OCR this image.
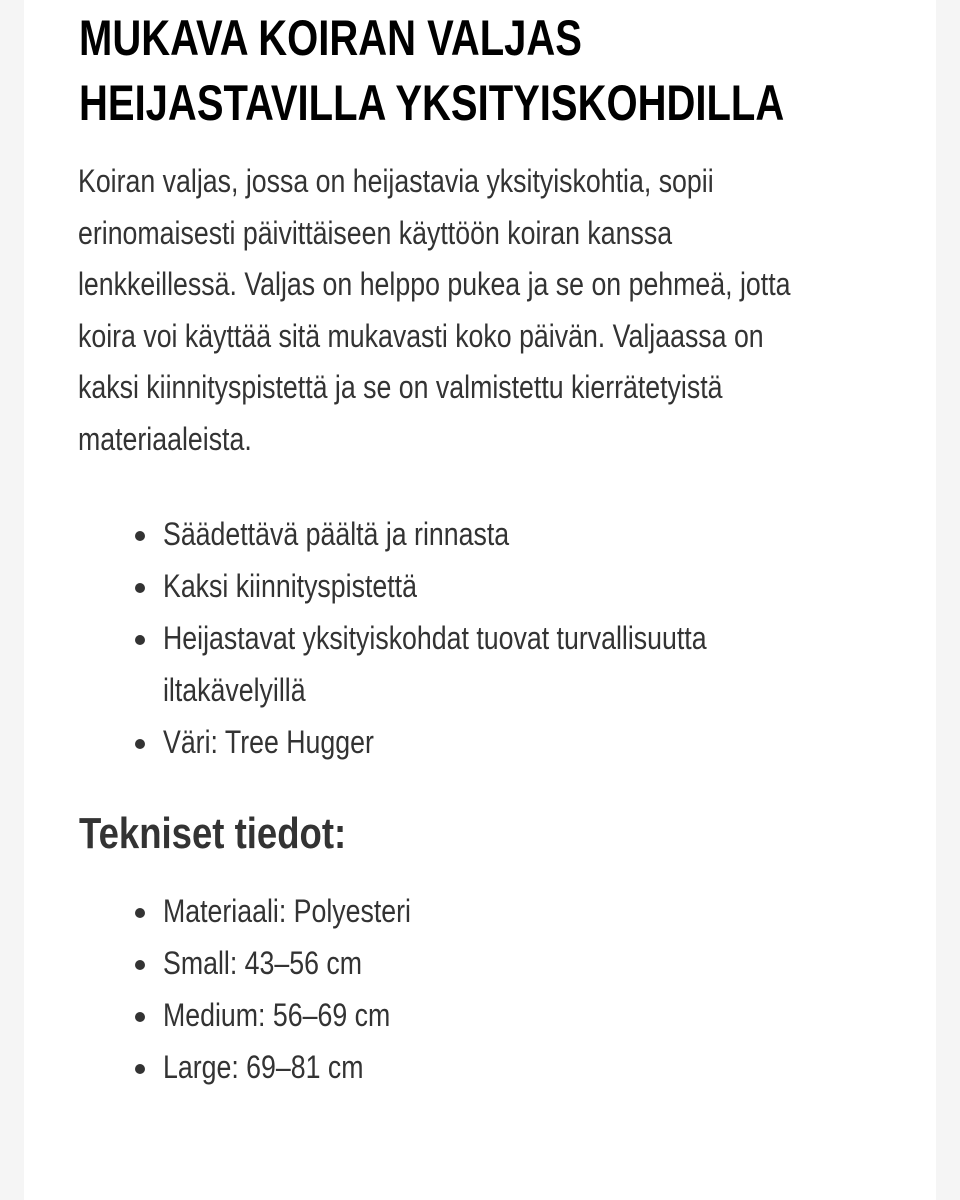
MUKAVA KOIRAN VALJAS
HEIJASTAVILLA YKSITYISKOHDILLA

Koiran valjas, jossa on heijastavia yksityiskohtia, sopii
erinomaisesti päivittäiseen käyttöön koiran kanssa
lenkkeillessä. Valjas on helppo pukea ja se on pehmeä, jotta
koira voi käyttää sitä mukavasti koko päivän. Valjaassa on
kaksi kiinnityspistettä ja se on valmistettu kierrätetyistä
materiaaleista.

Säädettävä päältä ja rinnasta
Kaksi kiinnityspistettä
Heijastavat yksityiskohdat tuovat turvallisuutta
iltakävelyillä
Väri: Tree Hugger
Tekniset tiedot:
Materiaali: Polyesteri
Small: 43–56 cm
Medium: 56–69 cm
Large: 69–81 cm
